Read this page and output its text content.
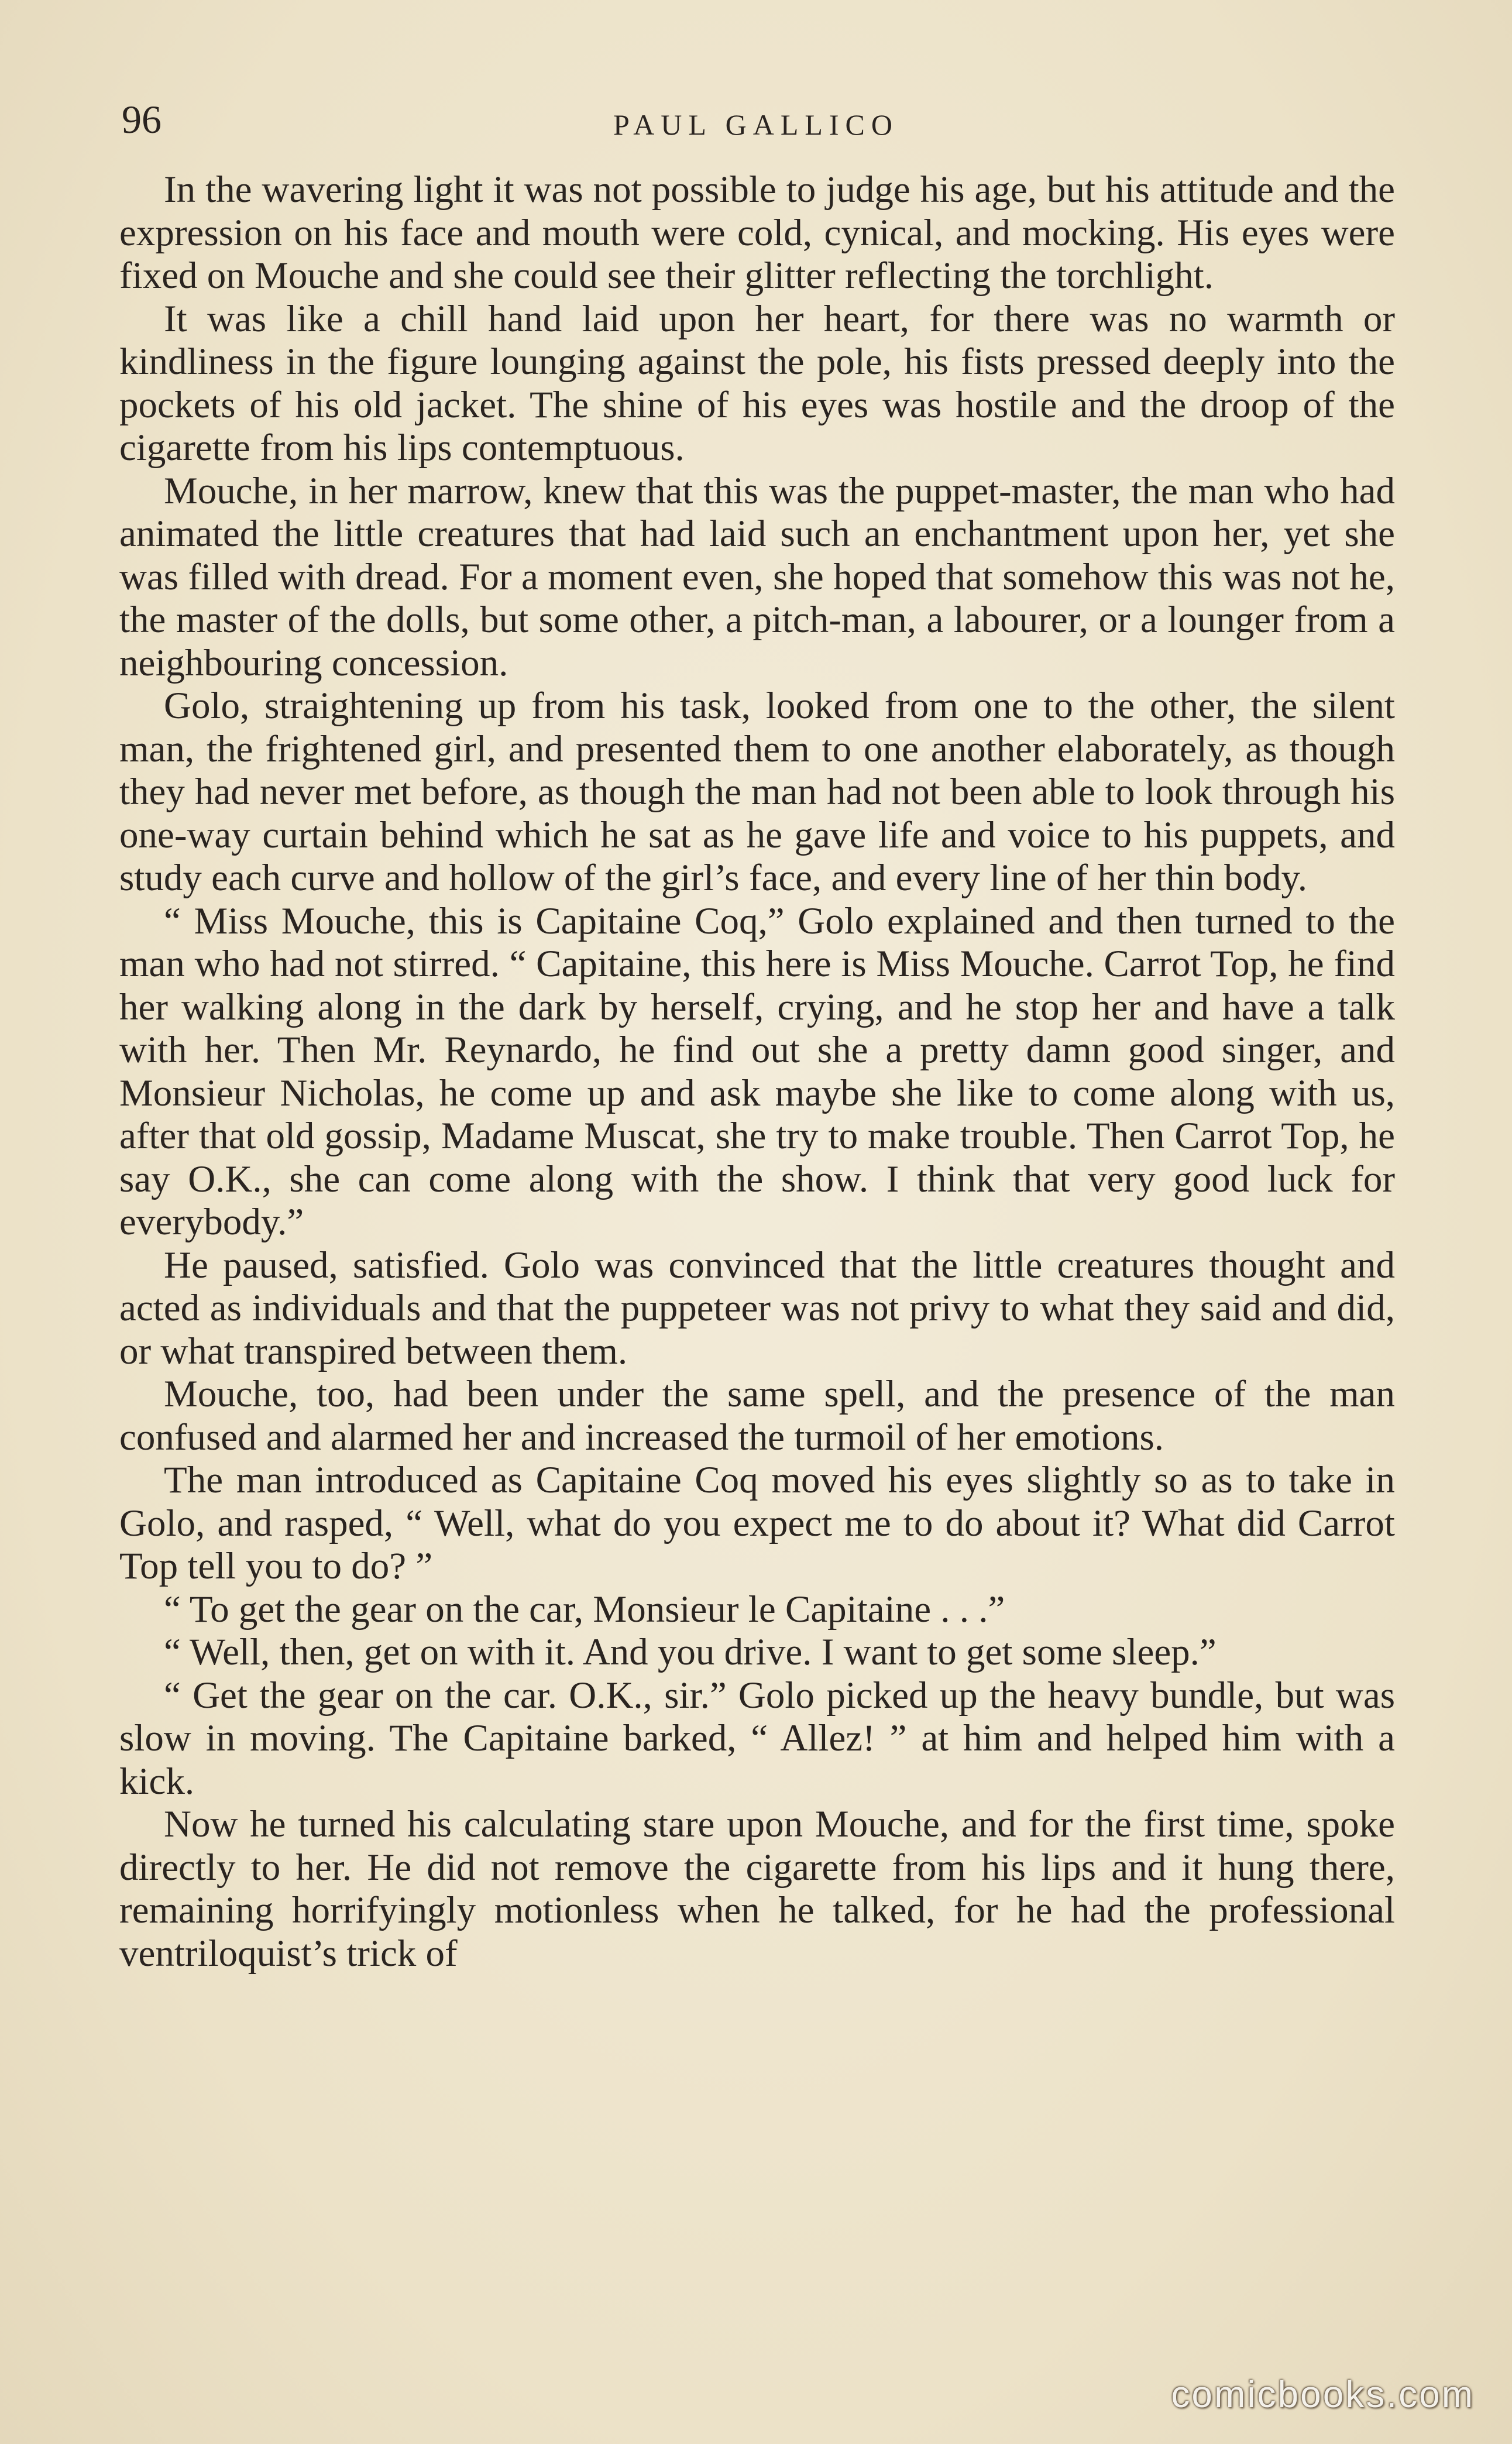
96	PAUL GALLICO

In the wavering light it was not possible to judge his age, but his attitude and the expression on his face and mouth were cold, cynical, and mocking. His eyes were fixed on Mouche and she could see their glitter reflecting the torchlight.

It was like a chill hand laid upon her heart, for there was no warmth or kindliness in the figure lounging against the pole, his fists pressed deeply into the pockets of his old jacket. The shine of his eyes was hostile and the droop of the cigarette from his lips contemptuous.

Mouche, in her marrow, knew that this was the puppet-master, the man who had animated the little creatures that had laid such an enchantment upon her, yet she was filled with dread. For a moment even, she hoped that somehow this was not he, the master of the dolls, but some other, a pitch-man, a labourer, or a lounger from a neighbouring concession.

Golo, straightening up from his task, looked from one to the other, the silent man, the frightened girl, and presented them to one another elaborately, as though they had never met before, as though the man had not been able to look through his one-way curtain behind which he sat as he gave life and voice to his puppets, and study each curve and hollow of the girl’s face, and every line of her thin body.

“ Miss Mouche, this is Capitaine Coq,” Golo explained and then turned to the man who had not stirred. “ Capitaine, this here is Miss Mouche. Carrot Top, he find her walking along in the dark by herself, crying, and he stop her and have a talk with her. Then Mr. Reynardo, he find out she a pretty damn good singer, and Monsieur Nicholas, he come up and ask maybe she like to come along with us, after that old gossip, Madame Muscat, she try to make trouble. Then Carrot Top, he say O.K., she can come along with the show. I think that very good luck for everybody.”

He paused, satisfied. Golo was convinced that the little creatures thought and acted as individuals and that the puppeteer was not privy to what they said and did, or what transpired between them.

Mouche, too, had been under the same spell, and the presence of the man confused and alarmed her and increased the turmoil of her emotions.

The man introduced as Capitaine Coq moved his eyes slightly so as to take in Golo, and rasped, “ Well, what do you expect me to do about it? What did Carrot Top tell you to do? ”

“ To get the gear on the car, Monsieur le Capitaine . . .”

“ Well, then, get on with it. And you drive. I want to get some sleep.”

“ Get the gear on the car. O.K., sir.” Golo picked up the heavy bundle, but was slow in moving. The Capitaine barked, “ Allez! ” at him and helped him with a kick.

Now he turned his calculating stare upon Mouche, and for the first time, spoke directly to her. He did not remove the cigarette from his lips and it hung there, remaining horrifyingly motionless when he talked, for he had the professional ventriloquist’s trick of

comicbooks.com
